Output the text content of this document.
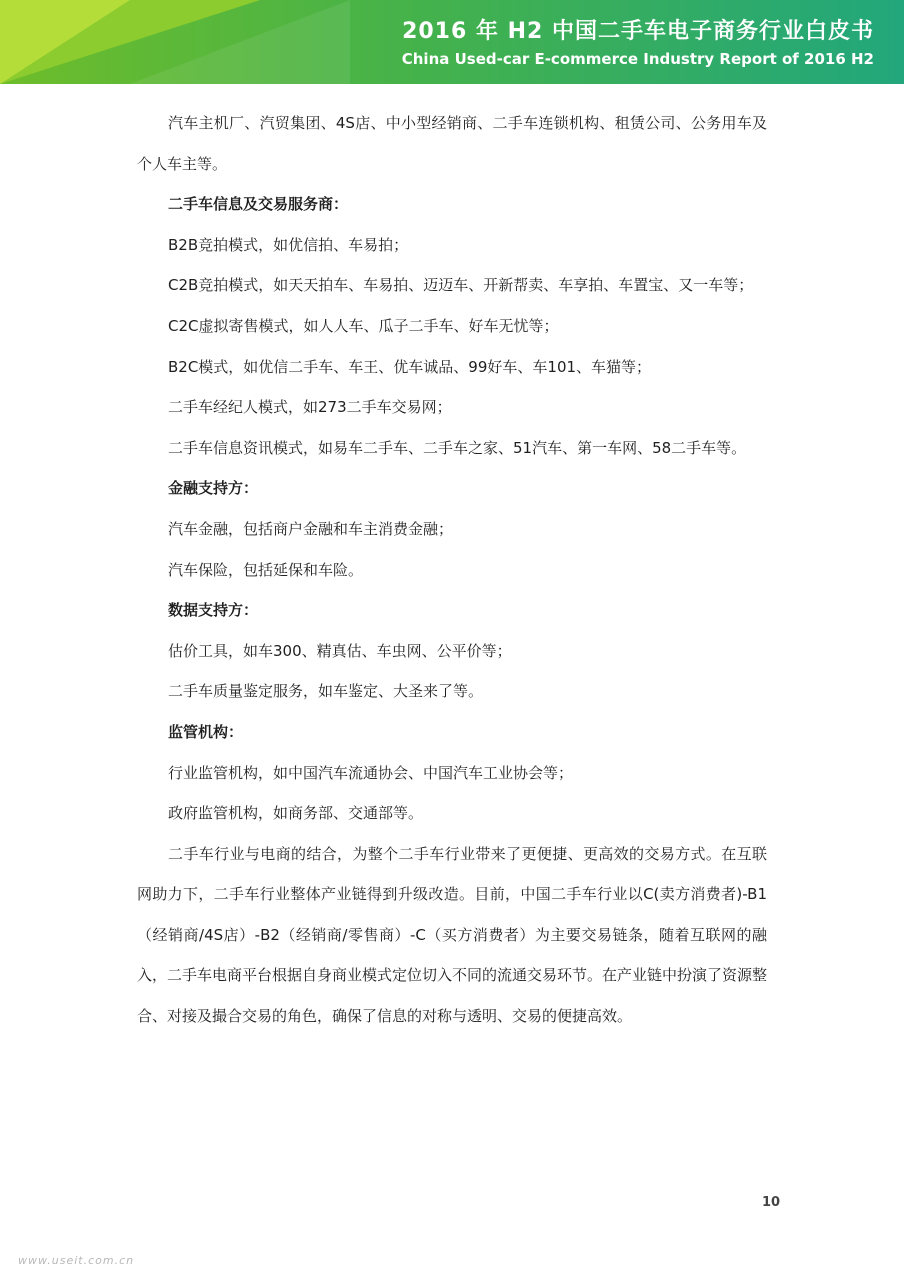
2016 年 H2 中国二手车电子商务行业白皮书
China Used-car E-commerce Industry Report of 2016 H2

汽车主机厂、汽贸集团、4S店、中小型经销商、二手车连锁机构、租赁公司、公务用车及个人车主等。

二手车信息及交易服务商：

B2B竞拍模式，如优信拍、车易拍；

C2B竞拍模式，如天天拍车、车易拍、迈迈车、开新帮卖、车享拍、车置宝、又一车等；

C2C虚拟寄售模式，如人人车、瓜子二手车、好车无忧等；

B2C模式，如优信二手车、车王、优车诚品、99好车、车101、车猫等；

二手车经纪人模式，如273二手车交易网；

二手车信息资讯模式，如易车二手车、二手车之家、51汽车、第一车网、58二手车等。

金融支持方：

汽车金融，包括商户金融和车主消费金融；

汽车保险，包括延保和车险。

数据支持方：

估价工具，如车300、精真估、车虫网、公平价等；

二手车质量鉴定服务，如车鉴定、大圣来了等。

监管机构：

行业监管机构，如中国汽车流通协会、中国汽车工业协会等；

政府监管机构，如商务部、交通部等。

二手车行业与电商的结合，为整个二手车行业带来了更便捷、更高效的交易方式。在互联网助力下，二手车行业整体产业链得到升级改造。目前，中国二手车行业以C(卖方消费者)-B1（经销商/4S店）-B2（经销商/零售商）-C（买方消费者）为主要交易链条，随着互联网的融入，二手车电商平台根据自身商业模式定位切入不同的流通交易环节。在产业链中扮演了资源整合、对接及撮合交易的角色，确保了信息的对称与透明、交易的便捷高效。

10
www.useit.com.cn
